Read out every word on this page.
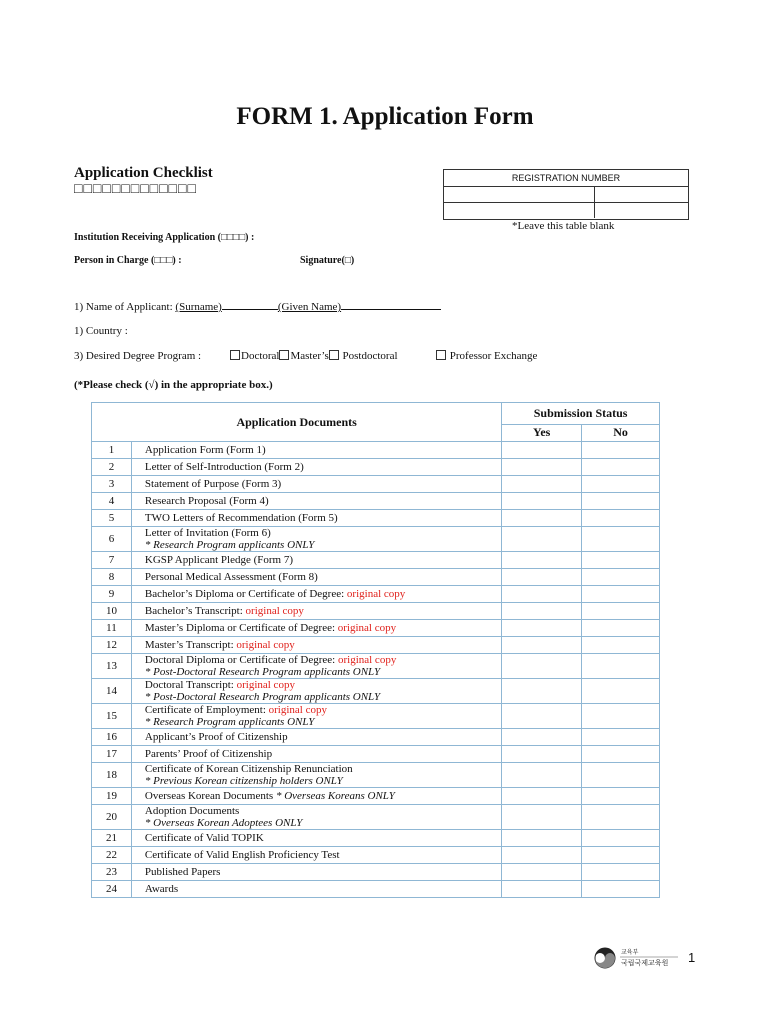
FORM 1. Application Form
Application Checklist
□□□□□□□□□□□□□
REGISTRATION NUMBER
*Leave this table blank
Institution Receiving Application (□□□□) :
Person in Charge (□□□) :	Signature(□)
1) Name of Applicant: (Surname)	(Given Name)
1) Country :
3) Desired Degree Program :	Doctoral Master’s Postdoctoral	Professor Exchange
(*Please check (√) in the appropriate box.)
Application Documents		Submission Status	
		Yes	No
1	Application Form (Form 1)		

2	Letter of Self-Introduction (Form 2)		

3	Statement of Purpose (Form 3)		

4	Research Proposal (Form 4)		

5	TWO Letters of Recommendation (Form 5)		

6	Letter of Invitation (Form 6)
* Research Program applicants ONLY		

7	KGSP Applicant Pledge (Form 7)		

8	Personal Medical Assessment (Form 8)		

9	Bachelor’s Diploma or Certificate of Degree: original copy		

10	Bachelor’s Transcript: original copy		

11	Master’s Diploma or Certificate of Degree: original copy		

12	Master’s Transcript: original copy		

13	Doctoral Diploma or Certificate of Degree: original copy
* Post-Doctoral Research Program applicants ONLY		

14	Doctoral Transcript: original copy
* Post-Doctoral Research Program applicants ONLY		

15	Certificate of Employment: original copy
* Research Program applicants ONLY		

16	Applicant’s Proof of Citizenship		

17	Parents’ Proof of Citizenship		

18	Certificate of Korean Citizenship Renunciation
* Previous Korean citizenship holders ONLY		

19	Overseas Korean Documents * Overseas Koreans ONLY		

20	Adoption Documents
* Overseas Korean Adoptees ONLY		

21	Certificate of Valid TOPIK		

22	Certificate of Valid English Proficiency Test		

23	Published Papers		

24	Awards		

교육부
국립국제교육원 1
